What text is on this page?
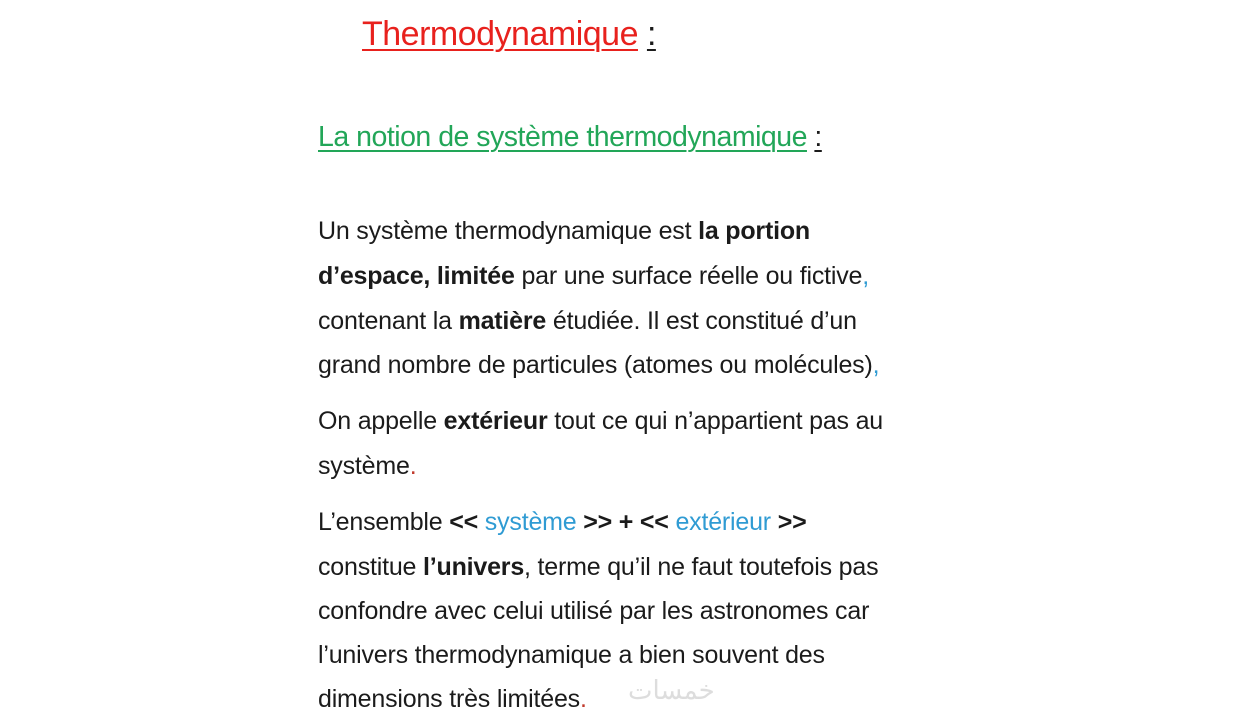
Thermodynamique :
La notion de système thermodynamique :
Un système thermodynamique est la portion
d’espace, limitée par une surface réelle ou fictive,
contenant la matière étudiée. Il est constitué d’un
grand nombre de particules (atomes ou molécules),
On appelle extérieur tout ce qui n’appartient pas au
système.
L’ensemble << système >> + << extérieur >>
constitue l’univers, terme qu’il ne faut toutefois pas
confondre avec celui utilisé par les astronomes car
l’univers thermodynamique a bien souvent des
dimensions très limitées. خمسات
